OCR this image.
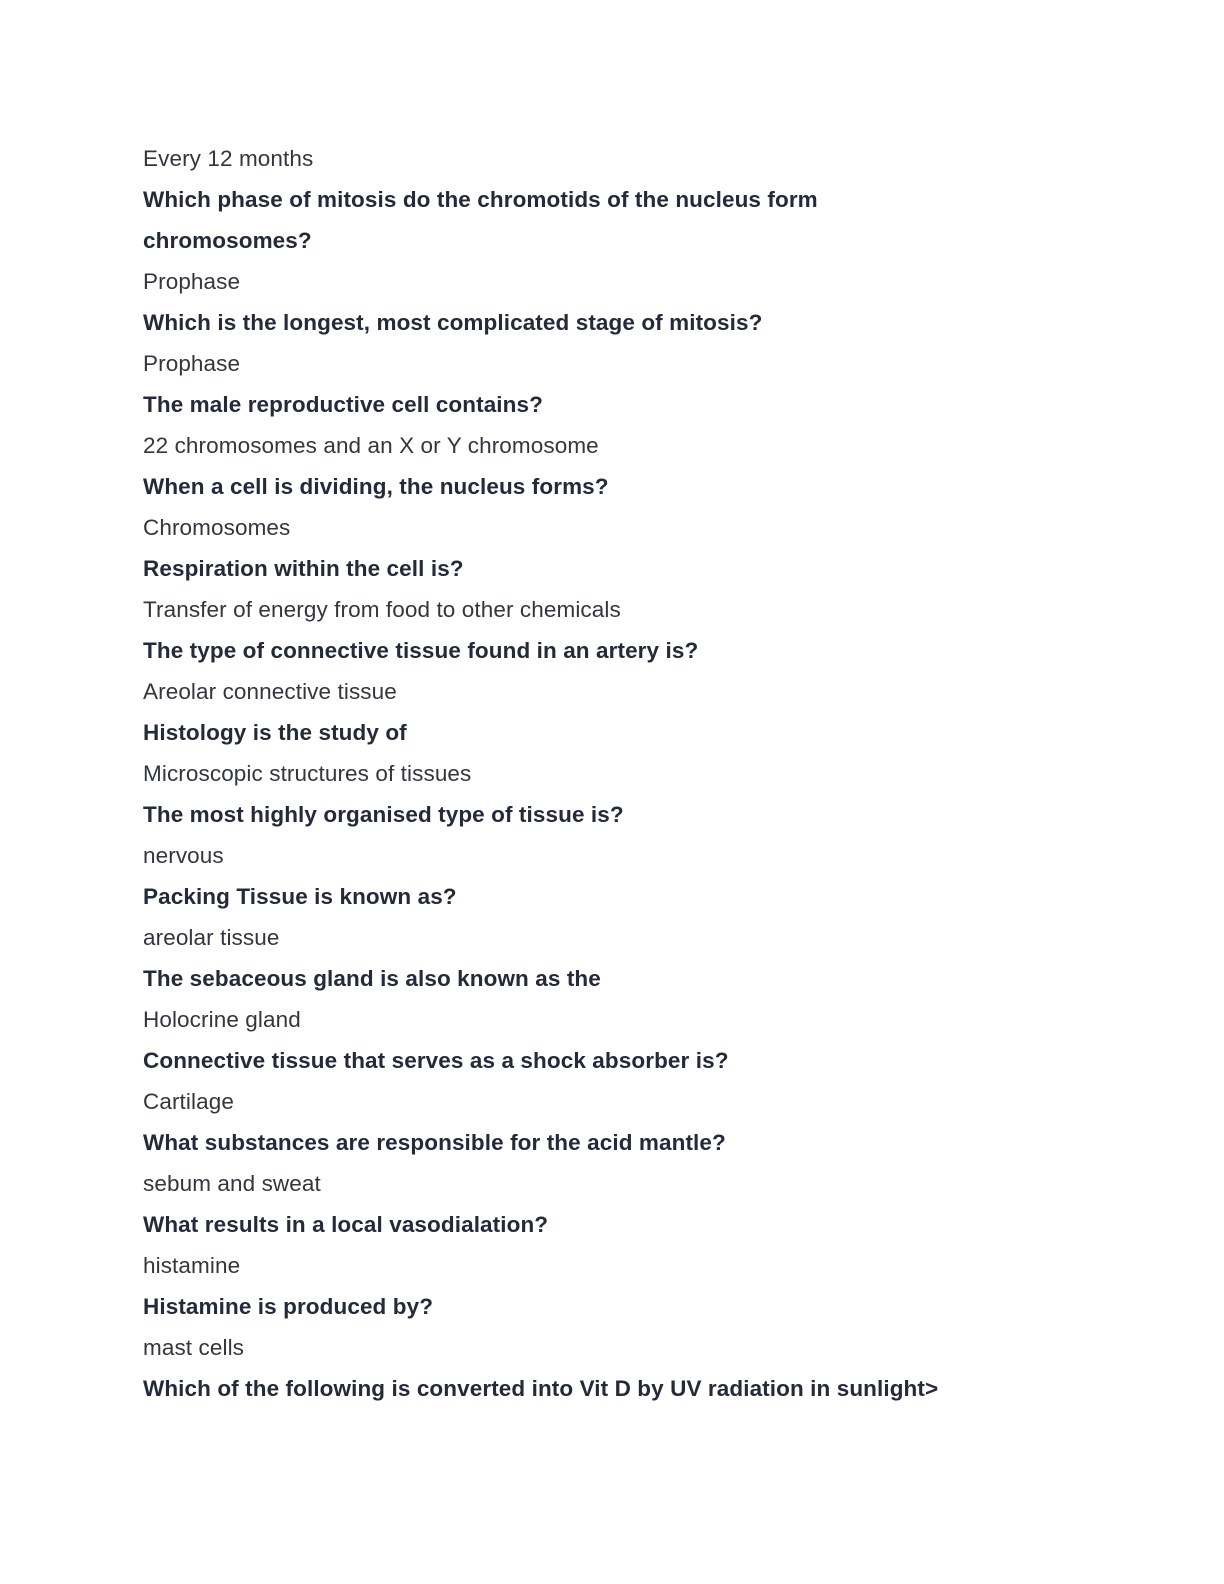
Every 12 months
Which phase of mitosis do the chromotids of the nucleus form
chromosomes?
Prophase
Which is the longest, most complicated stage of mitosis?
Prophase
The male reproductive cell contains?
22 chromosomes and an X or Y chromosome
When a cell is dividing, the nucleus forms?
Chromosomes
Respiration within the cell is?
Transfer of energy from food to other chemicals
The type of connective tissue found in an artery is?
Areolar connective tissue
Histology is the study of
Microscopic structures of tissues
The most highly organised type of tissue is?
nervous
Packing Tissue is known as?
areolar tissue
The sebaceous gland is also known as the
Holocrine gland
Connective tissue that serves as a shock absorber is?
Cartilage
What substances are responsible for the acid mantle?
sebum and sweat
What results in a local vasodialation?
histamine
Histamine is produced by?
mast cells
Which of the following is converted into Vit D by UV radiation in sunlight>
